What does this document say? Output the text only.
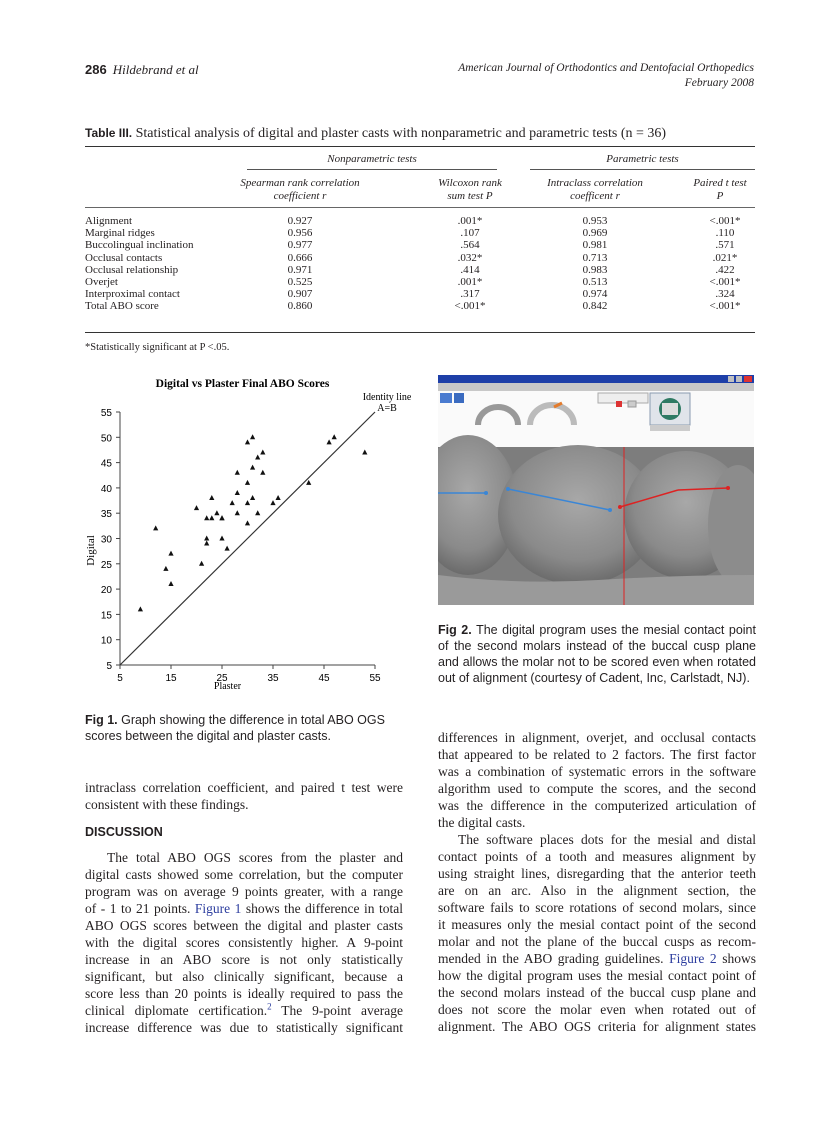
286 Hildebrand et al	American Journal of Orthodontics and Dentofacial Orthopedics
February 2008
Table III. Statistical analysis of digital and plaster casts with nonparametric and parametric tests (n = 36)
Nonparametric tests	Parametric tests
Spearman rank correlation
coefficient r
Wilcoxon rank
sum test P
Intraclass correlation
coefficent r
Paired t test
P
Alignment	0.927	.001*	0.953	<.001*
Marginal ridges	0.956	.107	0.969	.110
Buccolingual inclination	0.977	.564	0.981	.571
Occlusal contacts	0.666	.032*	0.713	.021*
Occlusal relationship	0.971	.414	0.983	.422
Overjet	0.525	.001*	0.513	<.001*
Interproximal contact	0.907	.317	0.974	.324
Total ABO score	0.860	<.001*	0.842	<.001*
*Statistically significant at P <.05.
Digital vs Plaster Final ABO Scores
55
50
45
40
35
30
25
20
15
10
5
5	15	25	35	45	55
Plaster
Digital
Identity line
A=B
Fig 1. Graph showing the difference in total ABO OGS scores between the digital and plaster casts.
Fig 2. The digital program uses the mesial contact point of the second molars instead of the buccal cusp plane and allows the molar not to be scored even when rotated out of alignment (courtesy of Cadent, Inc, Carlstadt, NJ).
intraclass correlation coefficient, and paired t test were
consistent with these findings.
DISCUSSION
The total ABO OGS scores from the plaster and
digital casts showed some correlation, but the computer
program was on average 9 points greater, with a range
of - 1 to 21 points. Figure 1 shows the difference in total
ABO OGS scores between the digital and plaster casts
with the digital scores consistently higher. A 9-point
increase in an ABO score is not only statistically
significant, but also clinically significant, because a
score less than 20 points is ideally required to pass the
clinical diplomate certification.$^2$ The 9-point average
increase difference was due to statistically significant
differences in alignment, overjet, and occlusal contacts
that appeared to be related to 2 factors. The first factor
was a combination of systematic errors in the software
algorithm used to compute the scores, and the second
was the difference in the computerized articulation of
the digital casts.
The software places dots for the mesial and distal
contact points of a tooth and measures alignment by
using straight lines, disregarding that the anterior teeth
are on an arc. Also in the alignment section, the
software fails to score rotations of second molars, since
it measures only the mesial contact point of the second
molar and not the plane of the buccal cusps as recom-
mended in the ABO grading guidelines. Figure 2 shows
how the digital program uses the mesial contact point of
the second molars instead of the buccal cusp plane and
does not score the molar even when rotated out of
alignment. The ABO OGS criteria for alignment states
